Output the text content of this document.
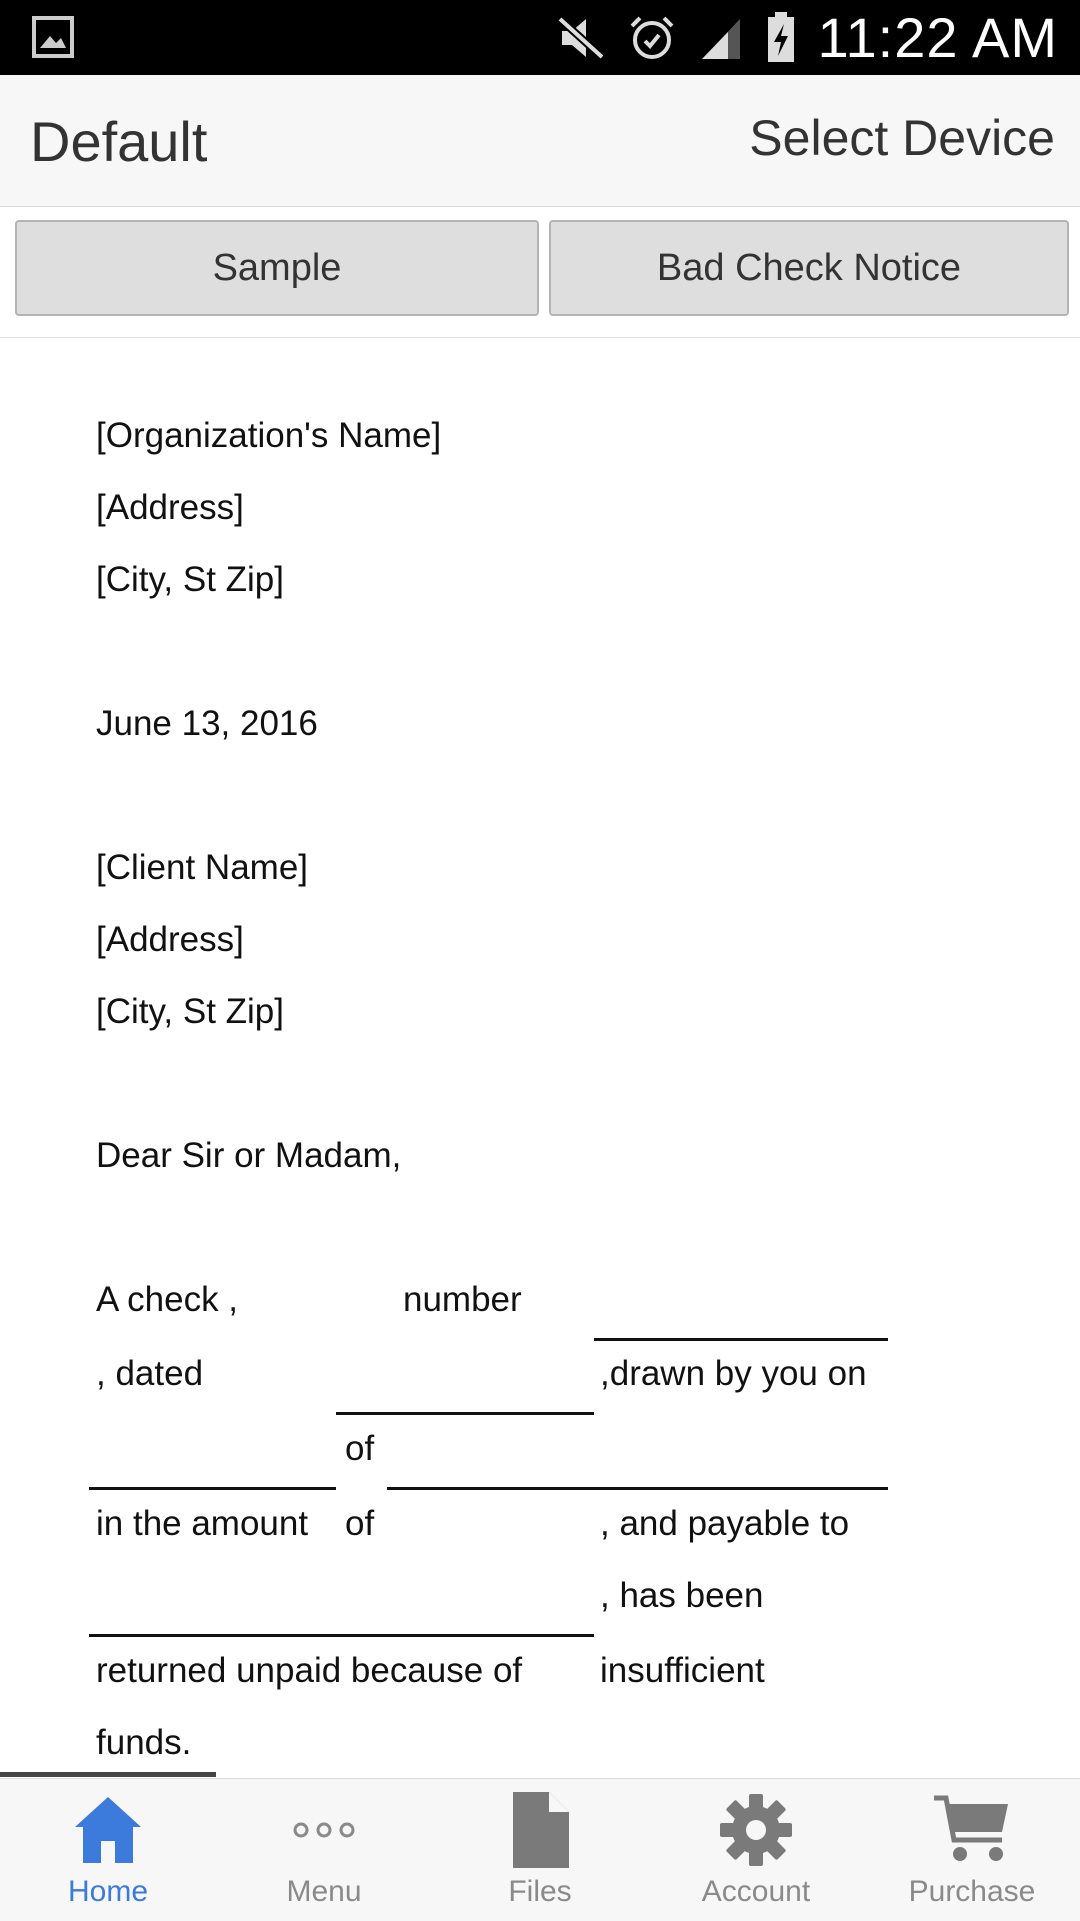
11:22 AM
Default	Select Device
Sample	Bad Check Notice
[Organization's Name]
[Address]
[City, St Zip]
June 13, 2016
[Client Name]
[Address]
[City, St Zip]
Dear Sir or Madam,
A check ,	number
, dated	,drawn by you on
of
in the amount of	, and payable to
, has been
returned unpaid because of insufficient
funds.
Home	Menu	Files	Account	Purchase
